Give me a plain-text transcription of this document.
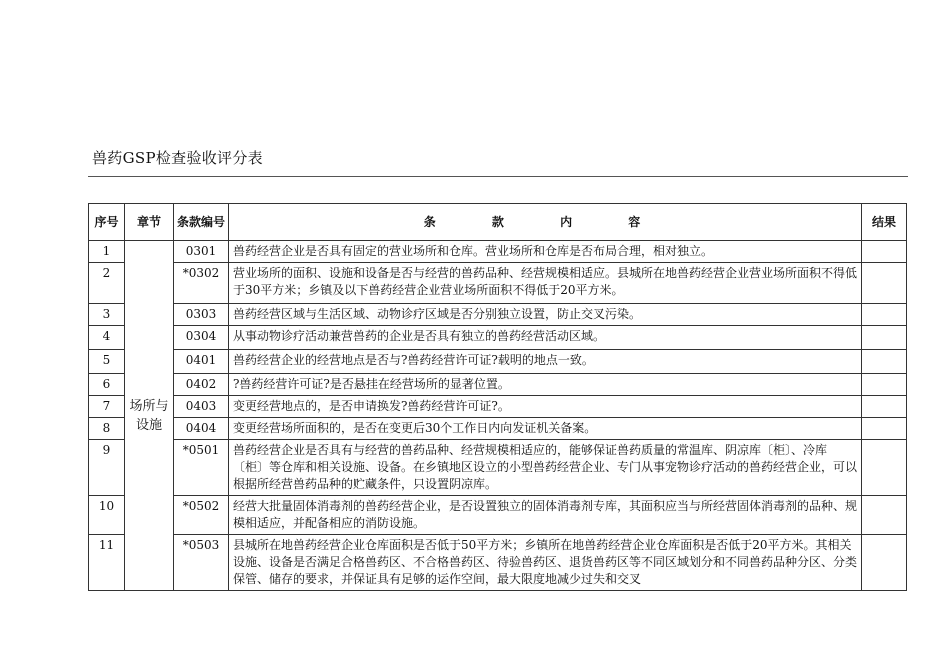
兽药GSP检查验收评分表
序号	章节	条款编号	条 款 内 容	结果
1	场所与设施	0301	兽药经营企业是否具有固定的营业场所和仓库。营业场所和仓库是否布局合理，相对独立。	
2		*0302	营业场所的面积、设施和设备是否与经营的兽药品种、经营规模相适应。县城所在地兽药经营企业营业场所面积不得低于30平方米；乡镇及以下兽药经营企业营业场所面积不得低于20平方米。	
3		0303	兽药经营区域与生活区域、动物诊疗区域是否分别独立设置，防止交叉污染。	
4		0304	从事动物诊疗活动兼营兽药的企业是否具有独立的兽药经营活动区域。	
5		0401	兽药经营企业的经营地点是否与?兽药经营许可证?载明的地点一致。	
6		0402	?兽药经营许可证?是否悬挂在经营场所的显著位置。	
7		0403	变更经营地点的，是否申请换发?兽药经营许可证?。	
8		0404	变更经营场所面积的，是否在变更后30个工作日内向发证机关备案。	
9		*0501	兽药经营企业是否具有与经营的兽药品种、经营规模相适应的，能够保证兽药质量的常温库、阴凉库〔柜〕、冷库〔柜〕等仓库和相关设施、设备。在乡镇地区设立的小型兽药经营企业、专门从事宠物诊疗活动的兽药经营企业，可以根据所经营兽药品种的贮藏条件，只设置阴凉库。	
10		*0502	经营大批量固体消毒剂的兽药经营企业，是否设置独立的固体消毒剂专库，其面积应当与所经营固体消毒剂的品种、规模相适应，并配备相应的消防设施。	
11		*0503	县城所在地兽药经营企业仓库面积是否低于50平方米；乡镇所在地兽药经营企业仓库面积是否低于20平方米。其相关设施、设备是否满足合格兽药区、不合格兽药区、待验兽药区、退货兽药区等不同区域划分和不同兽药品种分区、分类保管、储存的要求，并保证具有足够的运作空间，最大限度地减少过失和交叉	
